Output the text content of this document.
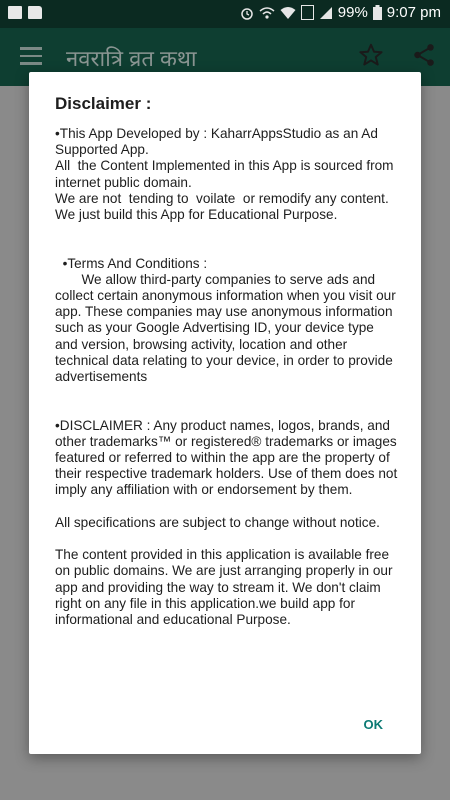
99% 9:07 pm
नवरात्रि व्रत कथा
Disclaimer :

•This App Developed by : KaharrAppsStudio as an Ad Supported App.
All  the Content Implemented in this App is sourced from internet public domain.
We are not  tending to  voilate  or remodify any content. We just build this App for Educational Purpose.

•Terms And Conditions :
We allow third-party companies to serve ads and collect certain anonymous information when you visit our app. These companies may use anonymous information such as your Google Advertising ID, your device type and version, browsing activity, location and other technical data relating to your device, in order to provide advertisements

•DISCLAIMER : Any product names, logos, brands, and other trademarks™ or registered® trademarks or images featured or referred to within the app are the property of their respective trademark holders. Use of them does not imply any affiliation with or endorsement by them.

All specifications are subject to change without notice.

The content provided in this application is available free on public domains. We are just arranging properly in our app and providing the way to stream it. We don't claim right on any file in this application.we build app for informational and educational Purpose.

OK
